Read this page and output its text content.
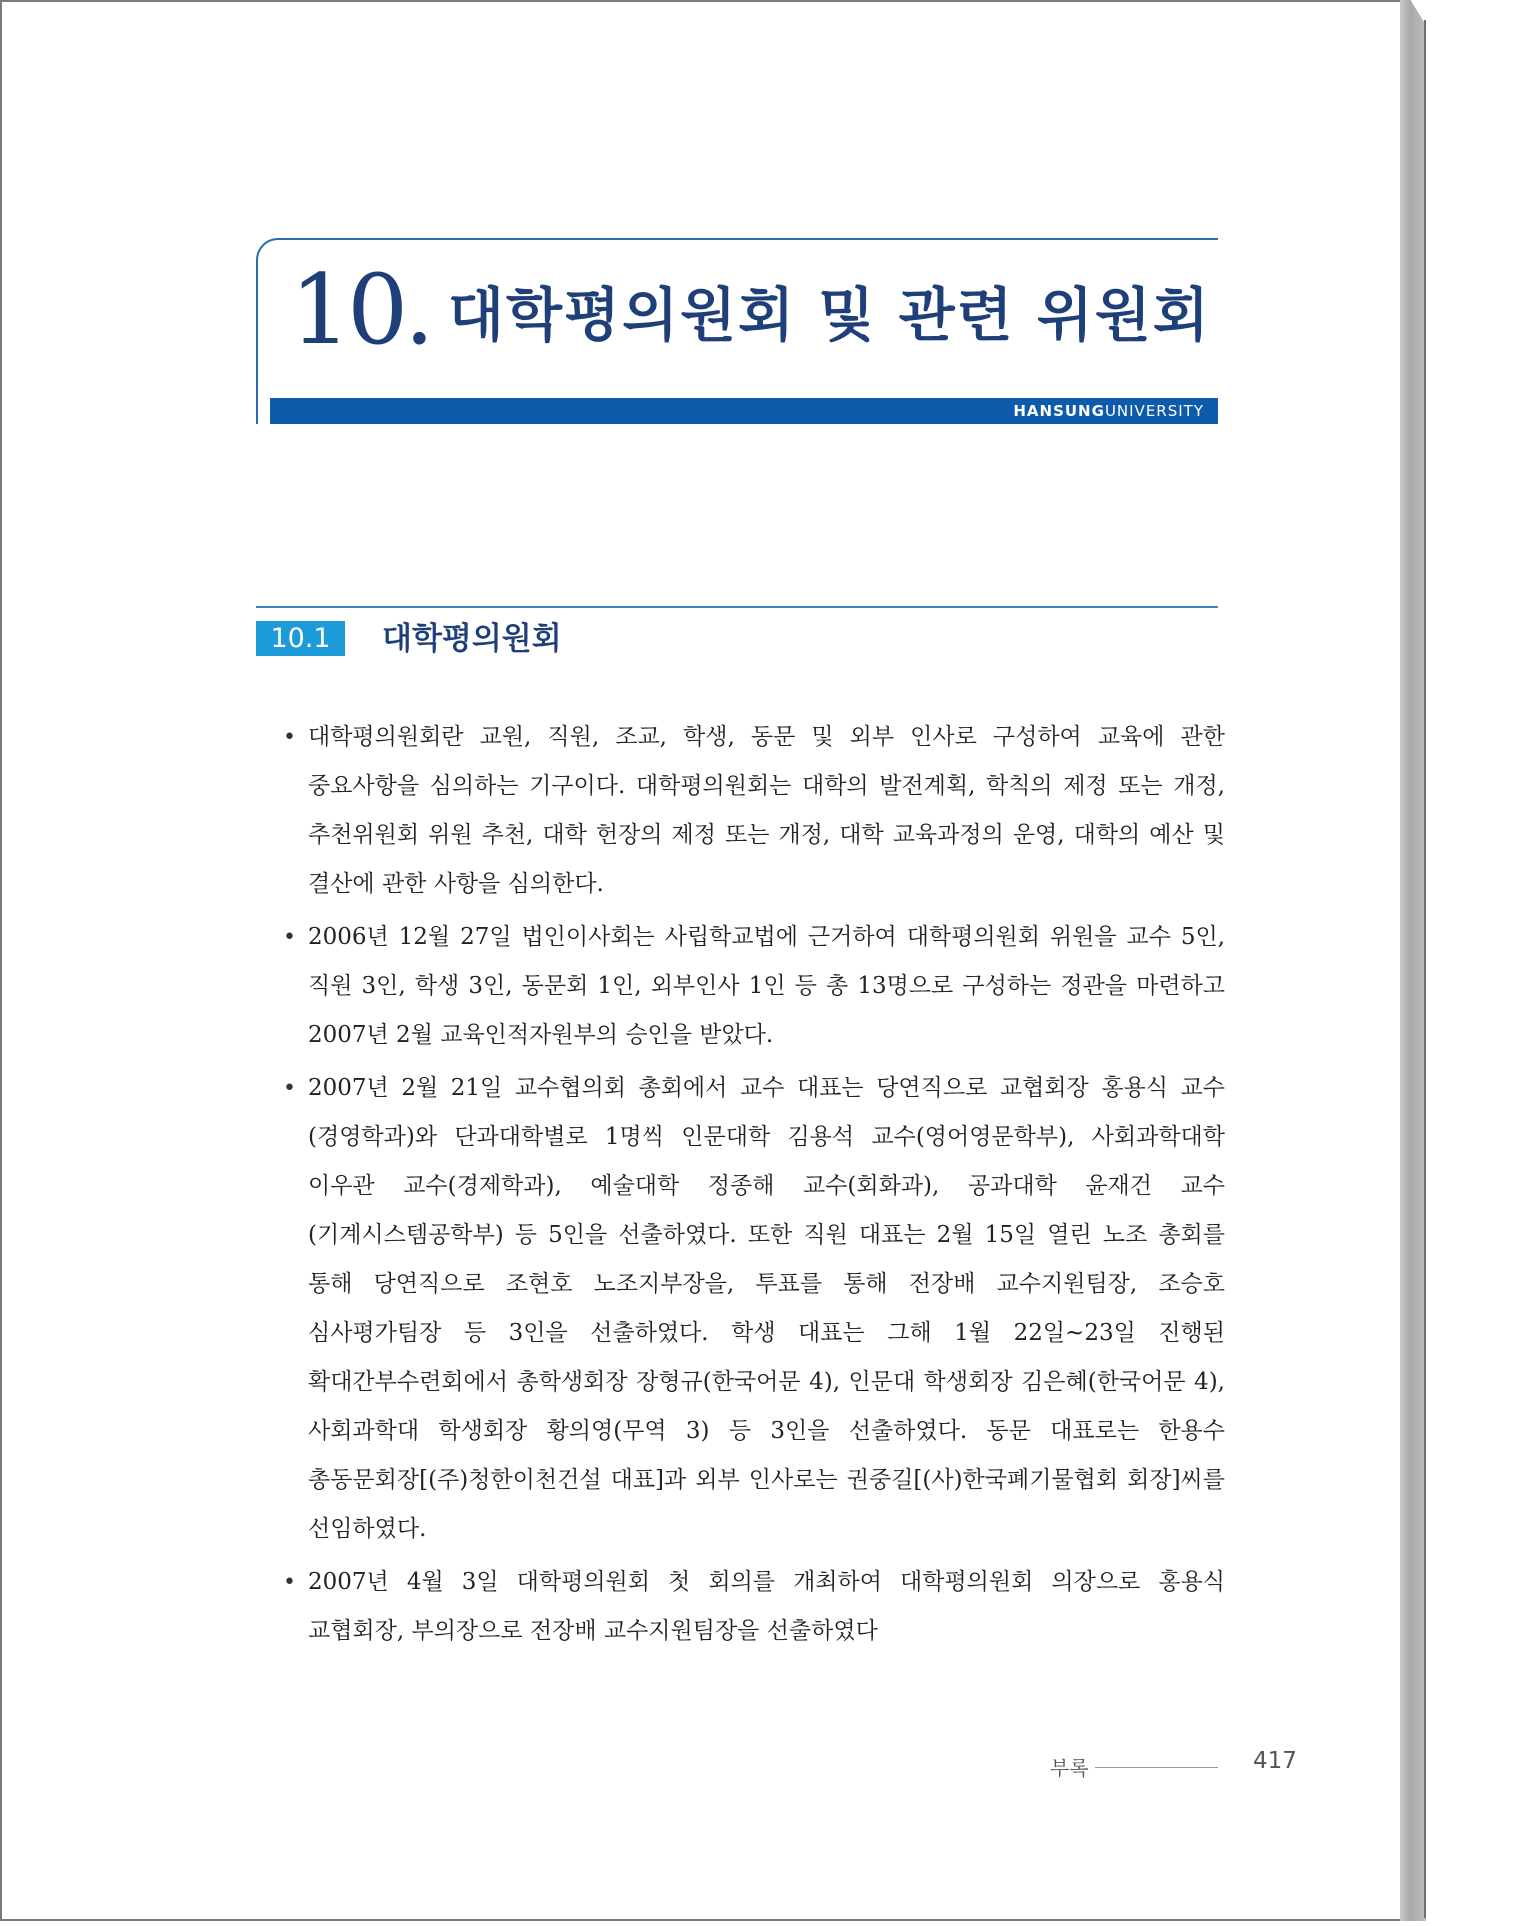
10. 대학평의원회 및 관련 위원회
HANSUNGUNIVERSITY
10.1	대학평의원회
• 대학평의원회란 교원, 직원, 조교, 학생, 동문 및 외부 인사로 구성하여 교육에 관한 중요사항을 심의하는 기구이다. 대학평의원회는 대학의 발전계획, 학칙의 제정 또는 개정, 추천위원회 위원 추천, 대학 헌장의 제정 또는 개정, 대학 교육과정의 운영, 대학의 예산 및 결산에 관한 사항을 심의한다.
• 2006년 12월 27일 법인이사회는 사립학교법에 근거하여 대학평의원회 위원을 교수 5인, 직원 3인, 학생 3인, 동문회 1인, 외부인사 1인 등 총 13명으로 구성하는 정관을 마련하고 2007년 2월 교육인적자원부의 승인을 받았다.
• 2007년 2월 21일 교수협의회 총회에서 교수 대표는 당연직으로 교협회장 홍용식 교수(경영학과)와 단과대학별로 1명씩 인문대학 김용석 교수(영어영문학부), 사회과학대학 이우관 교수(경제학과), 예술대학 정종해 교수(회화과), 공과대학 윤재건 교수(기계시스템공학부) 등 5인을 선출하였다. 또한 직원 대표는 2월 15일 열린 노조 총회를 통해 당연직으로 조현호 노조지부장을, 투표를 통해 전장배 교수지원팀장, 조승호 심사평가팀장 등 3인을 선출하였다. 학생 대표는 그해 1월 22일~23일 진행된 확대간부수련회에서 총학생회장 장형규(한국어문 4), 인문대 학생회장 김은혜(한국어문 4), 사회과학대 학생회장 황의영(무역 3) 등 3인을 선출하였다. 동문 대표로는 한용수 총동문회장[(주)청한이천건설 대표]과 외부 인사로는 권중길[(사)한국폐기물협회 회장]씨를 선임하였다.
• 2007년 4월 3일 대학평의원회 첫 회의를 개최하여 대학평의원회 의장으로 홍용식 교협회장, 부의장으로 전장배 교수지원팀장을 선출하였다
부록	417
